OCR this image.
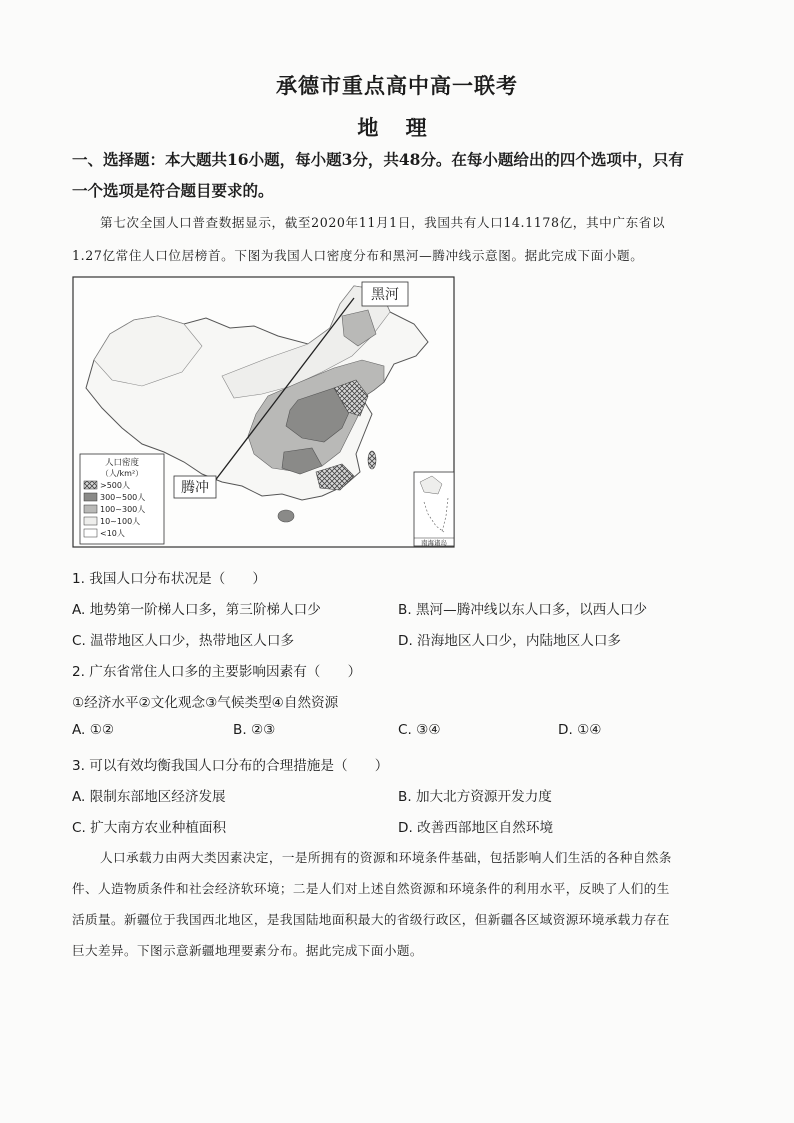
承德市重点高中高一联考
地 理
一、选择题：本大题共16小题，每小题3分，共48分。在每小题给出的四个选项中，只有
一个选项是符合题目要求的。
第七次全国人口普查数据显示，截至2020年11月1日，我国共有人口14.1178亿，其中广东省以
1.27亿常住人口位居榜首。下图为我国人口密度分布和黑河—腾冲线示意图。据此完成下面小题。
黑河
腾冲
人口密度
（人/km²）
>500人
300~500人
100~300人
10~100人
<10人
南海诸岛
1. 我国人口分布状况是（　　）
A. 地势第一阶梯人口多，第三阶梯人口少	B. 黑河—腾冲线以东人口多，以西人口少
C. 温带地区人口少，热带地区人口多	D. 沿海地区人口少，内陆地区人口多
2. 广东省常住人口多的主要影响因素有（　　）
①经济水平②文化观念③气候类型④自然资源
A. ①②	B. ②③	C. ③④	D. ①④
3. 可以有效均衡我国人口分布的合理措施是（　　）
A. 限制东部地区经济发展	B. 加大北方资源开发力度
C. 扩大南方农业种植面积	D. 改善西部地区自然环境
人口承载力由两大类因素决定，一是所拥有的资源和环境条件基础，包括影响人们生活的各种自然条
件、人造物质条件和社会经济软环境；二是人们对上述自然资源和环境条件的利用水平，反映了人们的生
活质量。新疆位于我国西北地区，是我国陆地面积最大的省级行政区，但新疆各区域资源环境承载力存在
巨大差异。下图示意新疆地理要素分布。据此完成下面小题。
